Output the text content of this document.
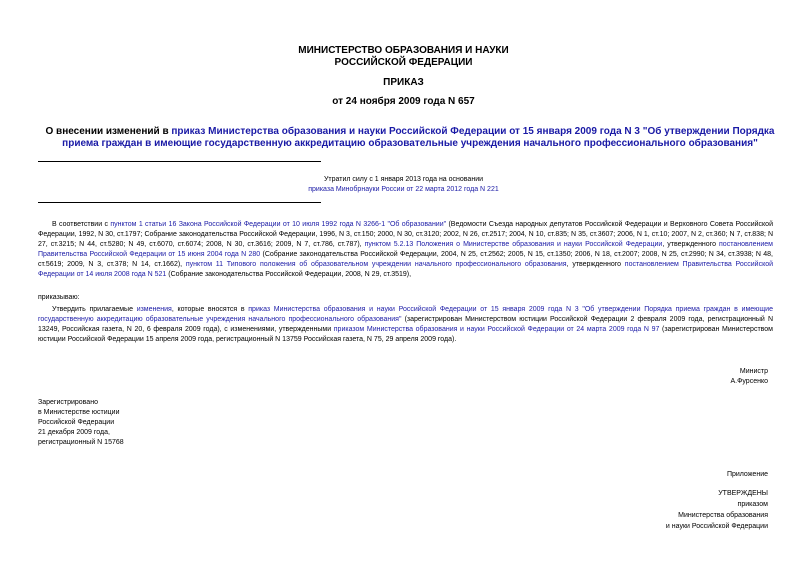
МИНИСТЕРСТВО ОБРАЗОВАНИЯ И НАУКИ
РОССИЙСКОЙ ФЕДЕРАЦИИ
ПРИКАЗ
от 24 ноября 2009 года N 657
О внесении изменений в приказ Министерства образования и науки Российской Федерации от 15 января 2009 года N 3 "Об утверждении Порядка приема граждан в имеющие государственную аккредитацию образовательные учреждения начального профессионального образования"
Утратил силу с 1 января 2013 года на основании
приказа Минобрнауки России от 22 марта 2012 года N 221
В соответствии с пунктом 1 статьи 16 Закона Российской Федерации от 10 июля 1992 года N 3266-1 "Об образовании" (Ведомости Съезда народных депутатов Российской Федерации и Верховного Совета Российской Федерации, 1992, N 30, ст.1797; Собрание законодательства Российской Федерации, 1996, N 3, ст.150; 2000, N 30, ст.3120; 2002, N 26, ст.2517; 2004, N 10, ст.835; N 35, ст.3607; 2006, N 1, ст.10; 2007, N 2, ст.360; N 7, ст.838; N 27, ст.3215; N 44, ст.5280; N 49, ст.6070, ст.6074; 2008, N 30, ст.3616; 2009, N 7, ст.786, ст.787), пунктом 5.2.13 Положения о Министерстве образования и науки Российской Федерации, утвержденного постановлением Правительства Российской Федерации от 15 июня 2004 года N 280 (Собрание законодательства Российской Федерации, 2004, N 25, ст.2562; 2005, N 15, ст.1350; 2006, N 18, ст.2007; 2008, N 25, ст.2990; N 34, ст.3938; N 48, ст.5619; 2009, N 3, ст.378; N 14, ст.1662), пунктом 11 Типового положения об образовательном учреждении начального профессионального образования, утвержденного постановлением Правительства Российской Федерации от 14 июля 2008 года N 521 (Собрание законодательства Российской Федерации, 2008, N 29, ст.3519),
приказываю:
Утвердить прилагаемые изменения, которые вносятся в приказ Министерства образования и науки Российской Федерации от 15 января 2009 года N 3 "Об утверждении Порядка приема граждан в имеющие государственную аккредитацию образовательные учреждения начального профессионального образования" (зарегистрирован Министерством юстиции Российской Федерации 2 февраля 2009 года, регистрационный N 13249, Российская газета, N 20, 6 февраля 2009 года), с изменениями, утвержденными приказом Министерства образования и науки Российской Федерации от 24 марта 2009 года N 97 (зарегистрирован Министерством юстиции Российской Федерации 15 апреля 2009 года, регистрационный N 13759 Российская газета, N 75, 29 апреля 2009 года).
Министр
А.Фурсенко
Зарегистрировано
в Министерстве юстиции
Российской Федерации
21 декабря 2009 года,
регистрационный N 15768
Приложение
УТВЕРЖДЕНЫ
приказом
Министерства образования
и науки Российской Федерации
